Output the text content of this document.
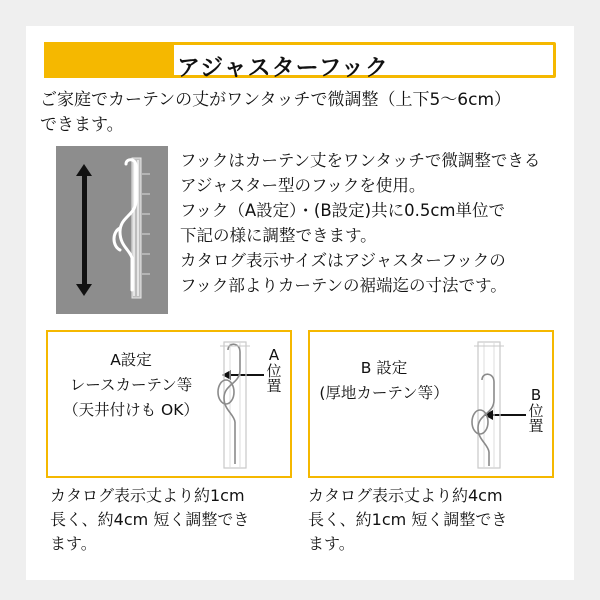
アジャスターフック
ご家庭でカーテンの丈がワンタッチで微調整（上下5〜6cm）
できます。
フックはカーテン丈をワンタッチで微調整できる
アジャスター型のフックを使用。
フック（A設定）・(B設定)共に0.5cm単位で
下記の様に調整できます。
カタログ表示サイズはアジャスターフックの
フック部よりカーテンの裾端迄の寸法です。
A設定
レースカーテン等
（天井付けも OK）
A 位 置
B 設定
(厚地カーテン等）	B 位 置
カタログ表示丈より約1cm
長く、約4cm 短く調整でき
ます。
カタログ表示丈より約4cm
長く、約1cm 短く調整でき
ます。
